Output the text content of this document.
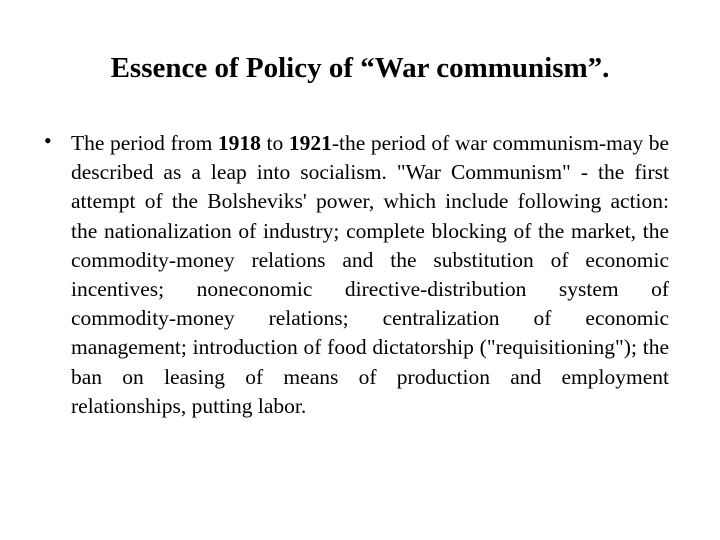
Essence of Policy of “War communism”.
• The period from 1918 to 1921-the period of war communism-may be described as a leap into socialism. "War Communism" - the first attempt of the Bolsheviks' power, which include following action: the nationalization of industry; complete blocking of the market, the commodity-money relations and the substitution of economic incentives; noneconomic directive-distribution system of commodity-money relations; centralization of economic management; introduction of food dictatorship ("requisitioning"); the ban on leasing of means of production and employment relationships, putting labor.
